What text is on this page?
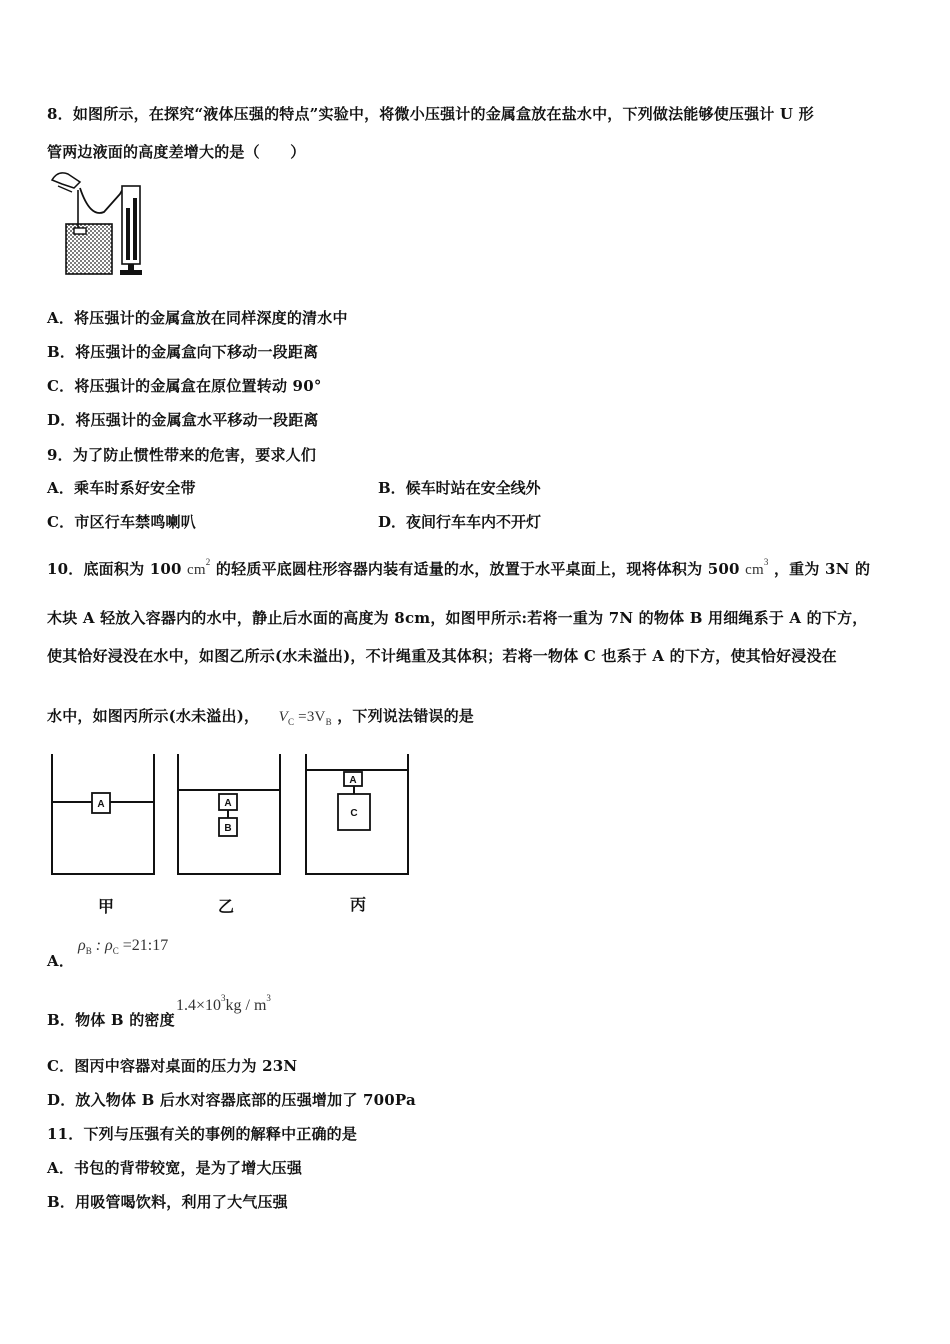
8．如图所示，在探究“液体压强的特点”实验中，将微小压强计的金属盒放在盐水中，下列做法能够使压强计 U 形
管两边液面的高度差增大的是（　　）
A．将压强计的金属盒放在同样深度的清水中
B．将压强计的金属盒向下移动一段距离
C．将压强计的金属盒在原位置转动 90°
D．将压强计的金属盒水平移动一段距离
9．为了防止惯性带来的危害，要求人们
A．乘车时系好安全带	B．候车时站在安全线外
C．市区行车禁鸣喇叭	D．夜间行车车内不开灯
10．底面积为 100 $cm^2$ 的轻质平底圆柱形容器内装有适量的水，放置于水平桌面上，现将体积为 500 $cm^3$ ，重为 3N 的
木块 A 轻放入容器内的水中，静止后水面的高度为 8cm，如图甲所示:若将一重为 7N 的物体 B 用细绳系于 A 的下方，
使其恰好浸没在水中，如图乙所示(水未溢出)，不计绳重及其体积；若将一物体 C 也系于 A 的下方，使其恰好浸没在
水中，如图丙所示(水未溢出)， $V_C =3V_B$ ，下列说法错误的是
A	A
B
A
C
甲	乙	丙
A．
$\rho_B$ : $\rho_C$ =21:17
B．物体 B 的密度
$1.4\times 10^3kg / m^3$
C．图丙中容器对桌面的压力为 23N
D．放入物体 B 后水对容器底部的压强增加了 700Pa
11．下列与压强有关的事例的解释中正确的是
A．书包的背带较宽，是为了增大压强
B．用吸管喝饮料，利用了大气压强
